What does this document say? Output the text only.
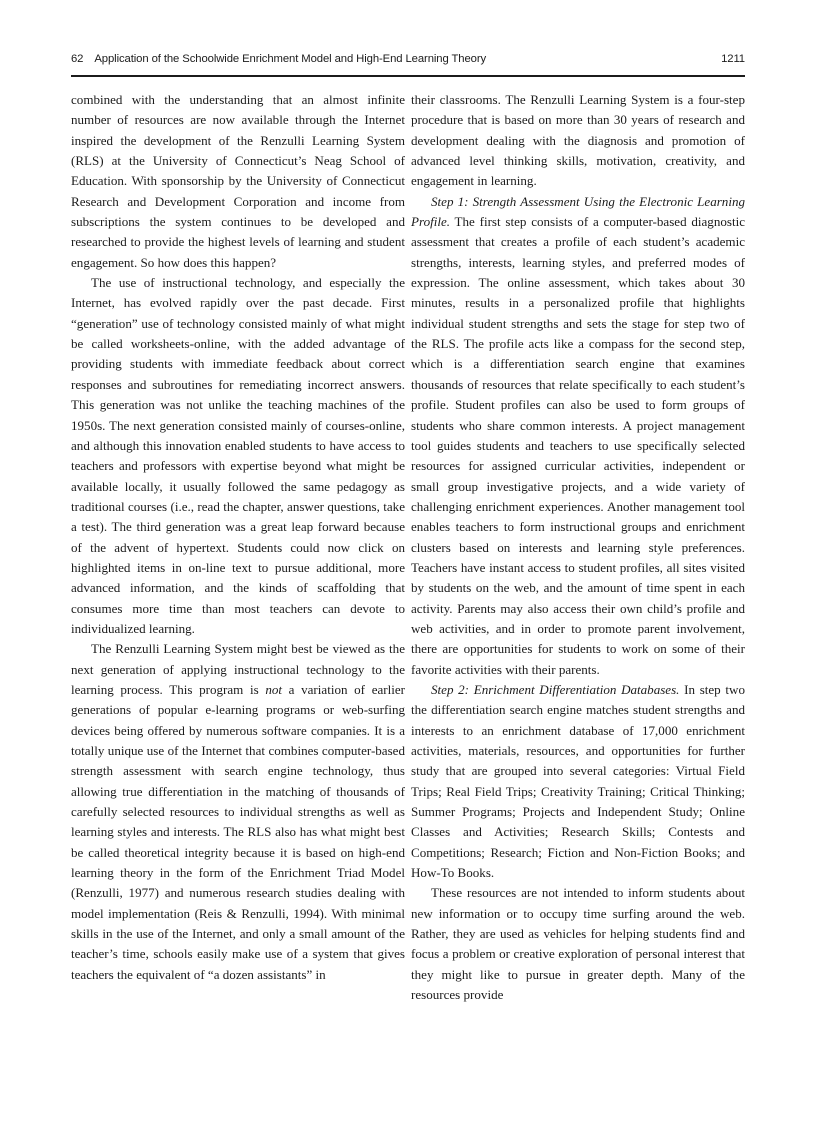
62 Application of the Schoolwide Enrichment Model and High-End Learning Theory	1211

combined with the understanding that an almost infinite number of resources are now available through the Internet inspired the development of the Renzulli Learning System (RLS) at the University of Connecticut’s Neag School of Education. With sponsorship by the University of Connecticut Research and Development Corporation and income from subscriptions the system continues to be developed and researched to provide the highest levels of learning and student engagement. So how does this happen?

The use of instructional technology, and especially the Internet, has evolved rapidly over the past decade. First “generation” use of technology consisted mainly of what might be called worksheets-online, with the added advantage of providing students with immediate feedback about correct responses and subroutines for remediating incorrect answers. This generation was not unlike the teaching machines of the 1950s. The next generation consisted mainly of courses-online, and although this innovation enabled students to have access to teachers and professors with expertise beyond what might be available locally, it usually followed the same pedagogy as traditional courses (i.e., read the chapter, answer questions, take a test). The third generation was a great leap forward because of the advent of hypertext. Students could now click on highlighted items in on-line text to pursue additional, more advanced information, and the kinds of scaffolding that consumes more time than most teachers can devote to individualized learning.

The Renzulli Learning System might best be viewed as the next generation of applying instructional technology to the learning process. This program is not a variation of earlier generations of popular e-learning programs or web-surfing devices being offered by numerous software companies. It is a totally unique use of the Internet that combines computer-based strength assessment with search engine technology, thus allowing true differentiation in the matching of thousands of carefully selected resources to individual strengths as well as learning styles and interests. The RLS also has what might best be called theoretical integrity because it is based on high-end learning theory in the form of the Enrichment Triad Model (Renzulli, 1977) and numerous research studies dealing with model implementation (Reis & Renzulli, 1994). With minimal skills in the use of the Internet, and only a small amount of the teacher’s time, schools easily make use of a system that gives teachers the equivalent of “a dozen assistants” in

their classrooms. The Renzulli Learning System is a four-step procedure that is based on more than 30 years of research and development dealing with the diagnosis and promotion of advanced level thinking skills, motivation, creativity, and engagement in learning.

Step 1: Strength Assessment Using the Electronic Learning Profile. The first step consists of a computer-based diagnostic assessment that creates a profile of each student’s academic strengths, interests, learning styles, and preferred modes of expression. The online assessment, which takes about 30 minutes, results in a personalized profile that highlights individual student strengths and sets the stage for step two of the RLS. The profile acts like a compass for the second step, which is a differentiation search engine that examines thousands of resources that relate specifically to each student’s profile. Student profiles can also be used to form groups of students who share common interests. A project management tool guides students and teachers to use specifically selected resources for assigned curricular activities, independent or small group investigative projects, and a wide variety of challenging enrichment experiences. Another management tool enables teachers to form instructional groups and enrichment clusters based on interests and learning style preferences. Teachers have instant access to student profiles, all sites visited by students on the web, and the amount of time spent in each activity. Parents may also access their own child’s profile and web activities, and in order to promote parent involvement, there are opportunities for students to work on some of their favorite activities with their parents.

Step 2: Enrichment Differentiation Databases. In step two the differentiation search engine matches student strengths and interests to an enrichment database of 17,000 enrichment activities, materials, resources, and opportunities for further study that are grouped into several categories: Virtual Field Trips; Real Field Trips; Creativity Training; Critical Thinking; Summer Programs; Projects and Independent Study; Online Classes and Activities; Research Skills; Contests and Competitions; Research; Fiction and Non-Fiction Books; and How-To Books.

These resources are not intended to inform students about new information or to occupy time surfing around the web. Rather, they are used as vehicles for helping students find and focus a problem or creative exploration of personal interest that they might like to pursue in greater depth. Many of the resources provide
